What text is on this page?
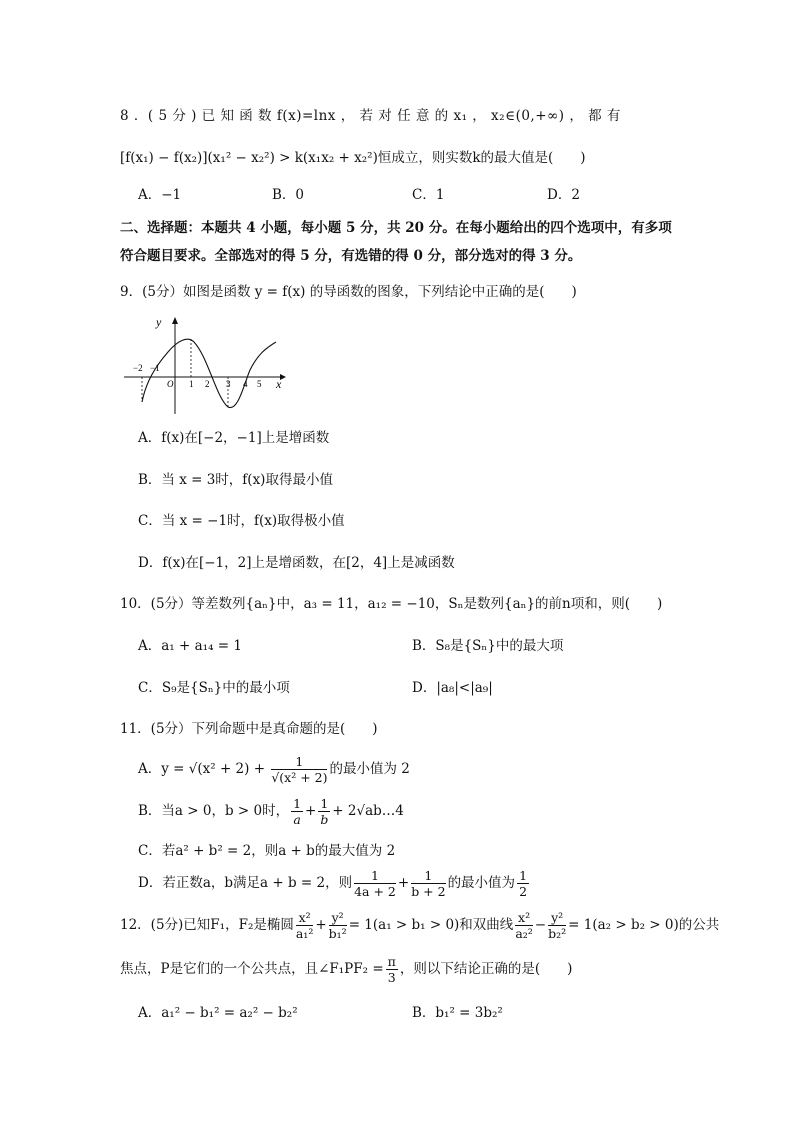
8 ．( 5 分 ) 已 知 函 数 f(x)=lnx ， 若 对 任 意 的 x₁ ， x₂∈(0,+∞) ， 都 有
[f(x₁) − f(x₂)](x₁² − x₂²) > k(x₁x₂ + x₂²)恒成立，则实数k的最大值是(　　)
A．−1	B．0	C．1	D．2
二、选择题：本题共 4 小题，每小题 5 分，共 20 分。在每小题给出的四个选项中，有多项
符合题目要求。全部选对的得 5 分，有选错的得 0 分，部分选对的得 3 分。
9．(5分）如图是函数 y = f(x) 的导函数的图象，下列结论中正确的是(　　)
y
x
O
−2 −1
1 2 3 4 5
A．f(x)在[−2，−1]上是增函数
B．当 x = 3时，f(x)取得最小值
C．当 x = −1时，f(x)取得极小值
D．f(x)在[−1，2]上是增函数，在[2，4]上是减函数
10．(5分）等差数列{aₙ}中，a₃ = 11，a₁₂ = −10，Sₙ是数列{aₙ}的前n项和，则(　　)
A．a₁ + a₁₄ = 1	B．S₈是{Sₙ}中的最大项
C．S₉是{Sₙ}中的最小项	D．|a₈|<|a₉|
11．(5分）下列命题中是真命题的是(　　)
A．$y = √(x^2 + 2) + \frac{1}{\text{√(x² + 2)}}$ 的最小值为 2
B．当a > 0，b > 0时， $\frac{1}{a} + \frac{1}{b}$ + 2√ab…4
C．若a² + b² = 2，则a + b的最大值为 2
D．若正数a，b满足a + b = 2，则 $\frac{1}{4a + 2} + \frac{1}{b + 2}$ 的最小值为 $\frac{1}{2}$
12．(5分)已知F₁，F₂是椭圆 $\frac{\text{x²}}{\text{a₁²}} + \frac{\text{y²}}{\text{b₁²}} = 1(a_1 > b_1 > 0)$和双曲线 $\frac{\text{x²}}{\text{a₂²}} - \frac{\text{y²}}{\text{b₂²}} = 1(a_2 > b_2 > 0)$的公共
焦点，P是它们的一个公共点，且∠F₁PF₂ = $\frac{\pi}{3}$ ，则以下结论正确的是(　　)
A．a₁² − b₁² = a₂² − b₂²	B．b₁² = 3b₂²
